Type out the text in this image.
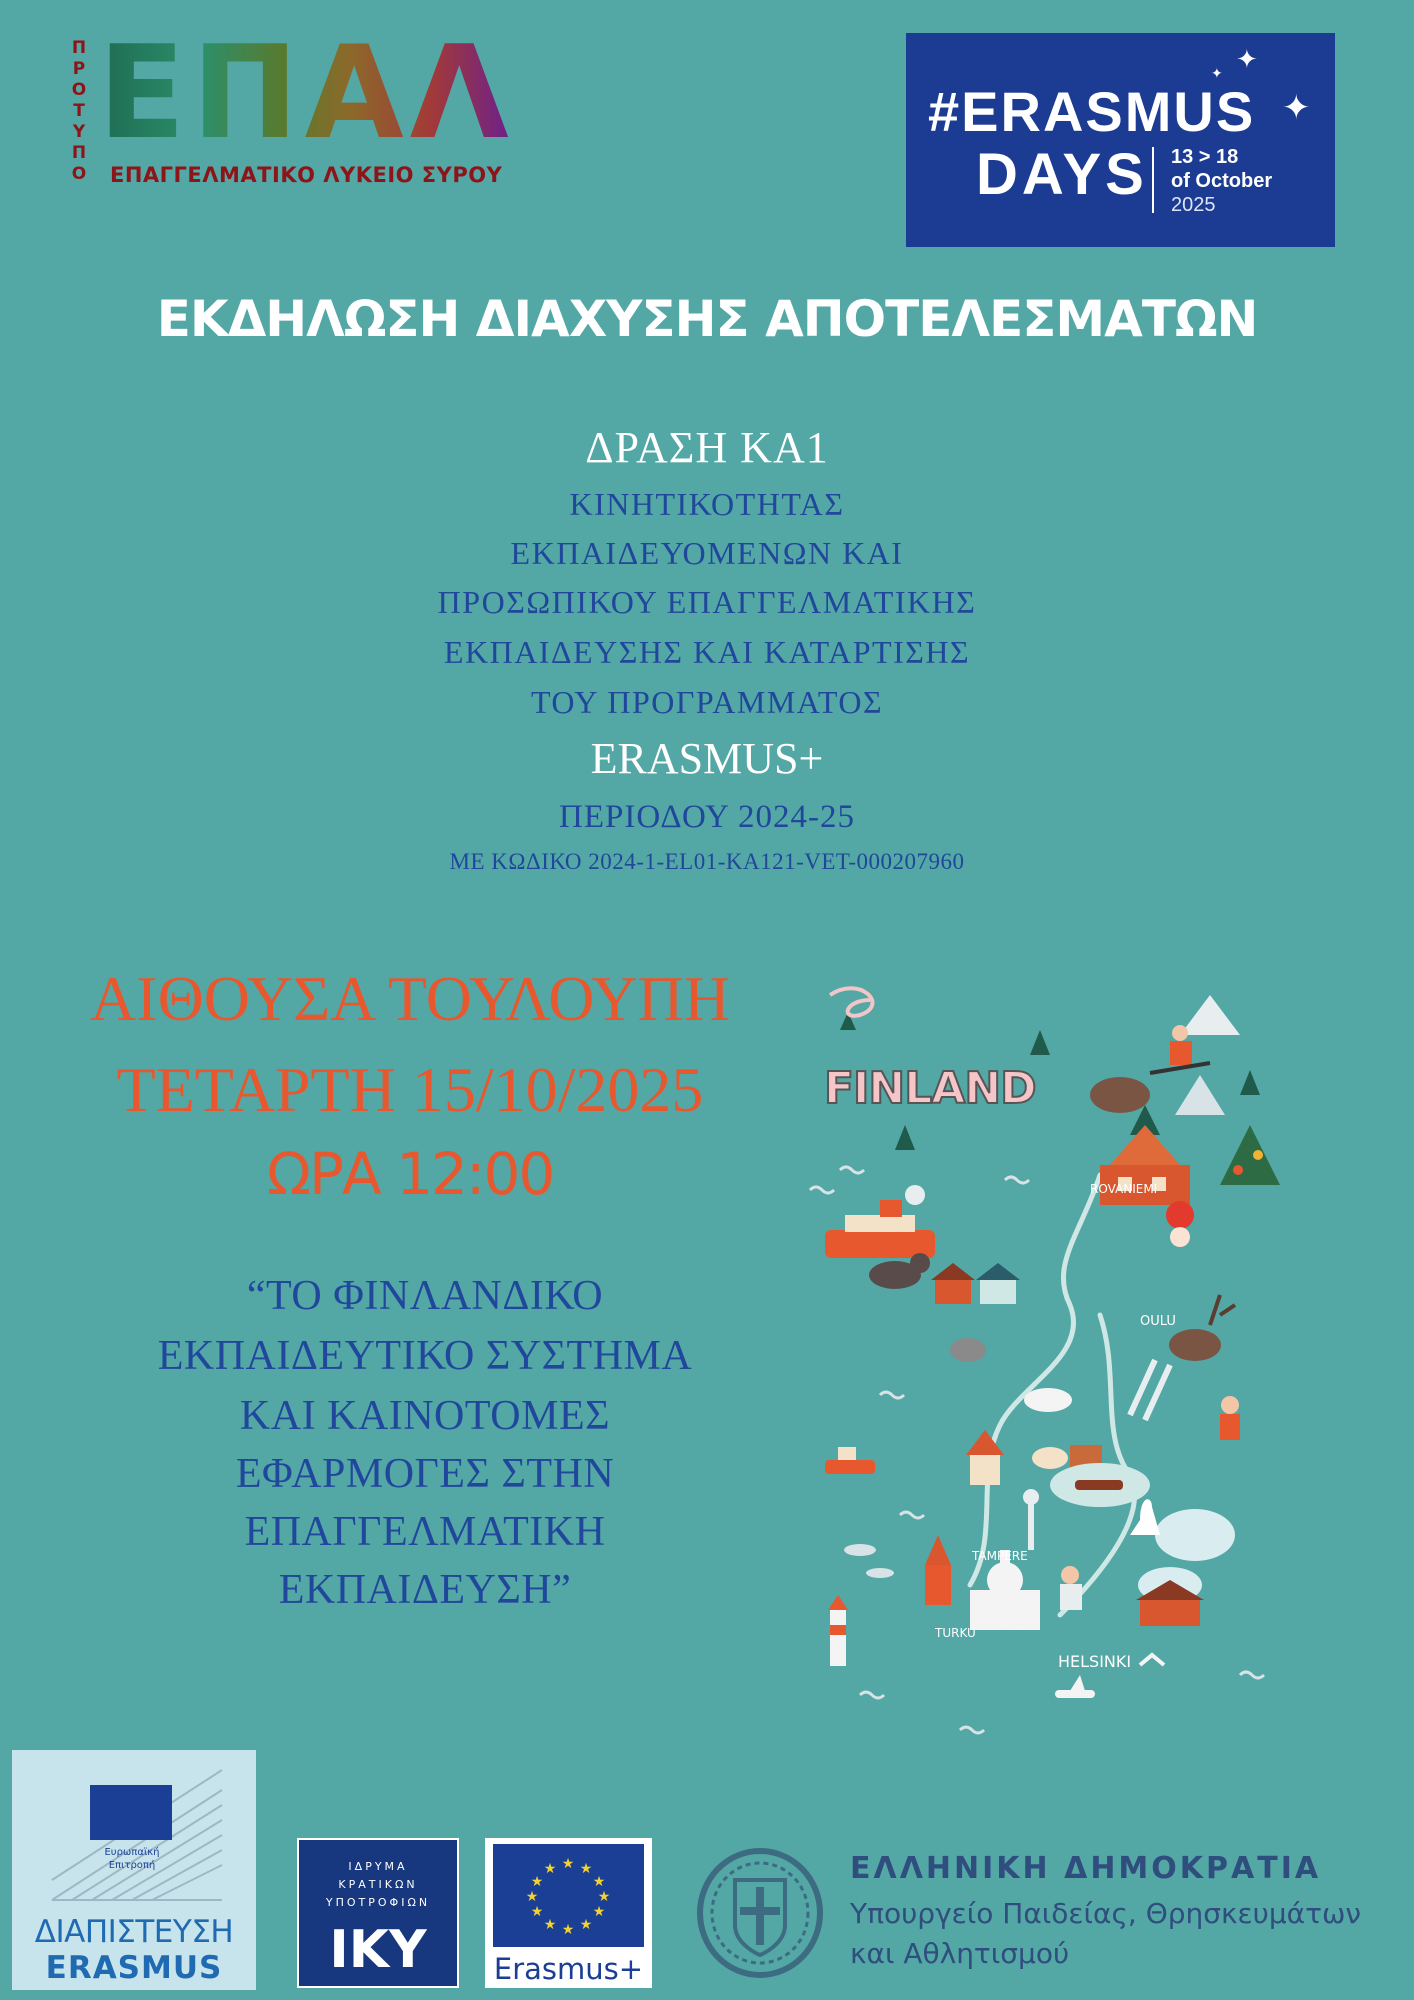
Π
Ρ
Ο
Τ
Υ
Π
Ο
ΕΠΑΛ
ΕΠΑΓΓΕΛΜΑΤΙΚΟ ΛΥΚΕΙΟ ΣΥΡΟΥ
✦
✦
✦
#ERASMUS
DAYS 13 > 18
of October
2025
ΕΚΔΗΛΩΣΗ ΔΙΑΧΥΣΗΣ ΑΠΟΤΕΛΕΣΜΑΤΩΝ
ΔΡΑΣΗ ΚΑ1
ΚΙΝΗΤΙΚΟΤΗΤΑΣ
ΕΚΠΑΙΔΕΥΟΜΕΝΩΝ ΚΑΙ
ΠΡΟΣΩΠΙΚΟΥ ΕΠΑΓΓΕΛΜΑΤΙΚΗΣ
ΕΚΠΑΙΔΕΥΣΗΣ ΚΑΙ ΚΑΤΑΡΤΙΣΗΣ
ΤΟΥ ΠΡΟΓΡΑΜΜΑΤΟΣ
ERASMUS+
ΠΕΡΙΟΔΟΥ 2024-25
ΜΕ ΚΩΔΙΚΟ 2024-1-EL01-KA121-VET-000207960
ΑΙΘΟΥΣΑ ΤΟΥΛΟΥΠΗ
ΤΕΤΑΡΤΗ 15/10/2025
ΩΡΑ 12:00
“ΤΟ ΦΙΝΛΑΝΔΙΚΟ
ΕΚΠΑΙΔΕΥΤΙΚΟ ΣΥΣΤΗΜΑ
ΚΑΙ ΚΑΙΝΟΤΟΜΕΣ
ΕΦΑΡΜΟΓΕΣ ΣΤΗΝ
ΕΠΑΓΓΕΛΜΑΤΙΚΗ
ΕΚΠΑΙΔΕΥΣΗ”
FINLAND
ROVANIEMI
OULU
TAMPERE
TURKU
HELSINKI
Ευρωπαϊκή
Επιτροπή
ΔΙΑΠΙΣΤΕΥΣΗ
ERASMUS
ΙΔΡΥΜΑ
ΚΡΑΤΙΚΩΝ
ΥΠΟΤΡΟΦΙΩΝ
ΙΚΥ
★ ★
★
★
★
★
★
★
★
★
★
★
Erasmus+
ΕΛΛΗΝΙΚΗ ΔΗΜΟΚΡΑΤΙΑ
Υπουργείο Παιδείας, Θρησκευμάτων
και Αθλητισμού
